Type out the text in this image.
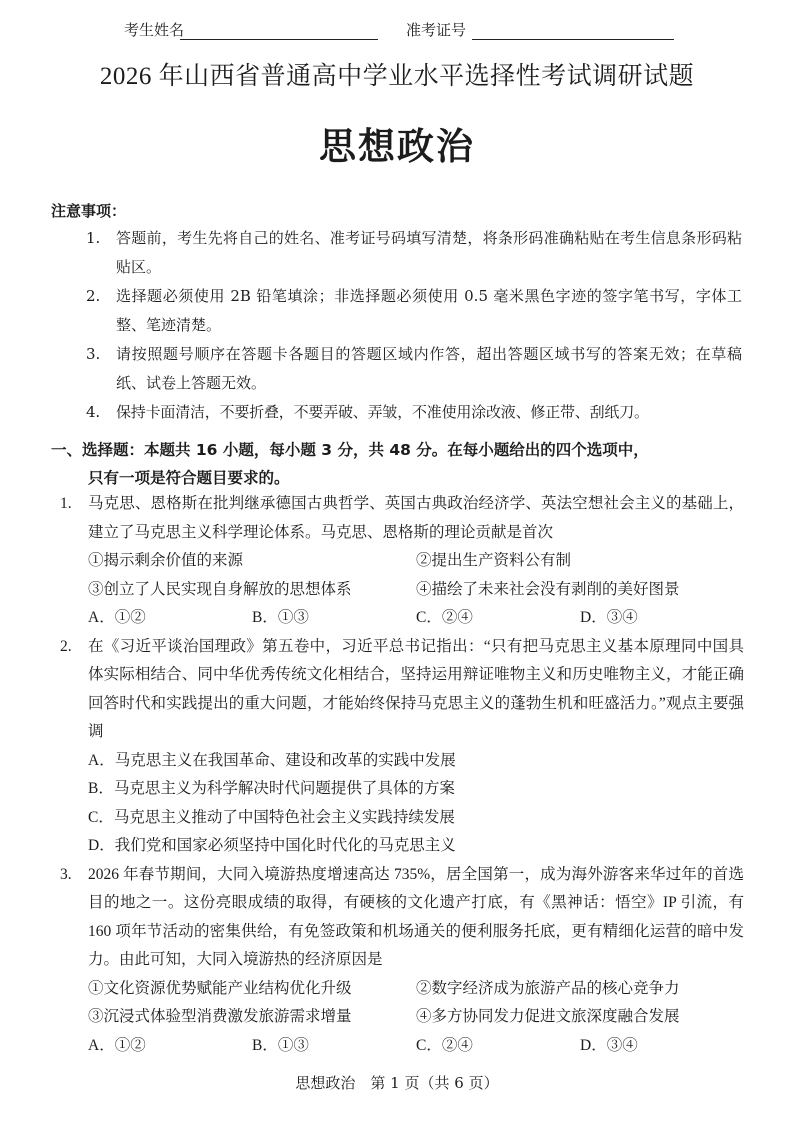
考生姓名	准考证号
2026 年山西省普通高中学业水平选择性考试调研试题
思想政治
注意事项：
1. 答题前，考生先将自己的姓名、准考证号码填写清楚，将条形码准确粘贴在考生信息条形码粘贴区。
2. 选择题必须使用 2B 铅笔填涂；非选择题必须使用 0.5 毫米黑色字迹的签字笔书写，字体工整、笔迹清楚。
3. 请按照题号顺序在答题卡各题目的答题区域内作答，超出答题区域书写的答案无效；在草稿纸、试卷上答题无效。
4. 保持卡面清洁，不要折叠，不要弄破、弄皱，不准使用涂改液、修正带、刮纸刀。
一、选择题：本题共 16 小题，每小题 3 分，共 48 分。在每小题给出的四个选项中，
只有一项是符合题目要求的。
1. 马克思、恩格斯在批判继承德国古典哲学、英国古典政治经济学、英法空想社会主义的基础上，建立了马克思主义科学理论体系。马克思、恩格斯的理论贡献是首次
①揭示剩余价值的来源	②提出生产资料公有制
③创立了人民实现自身解放的思想体系	④描绘了未来社会没有剥削的美好图景
A．①②	B．①③	C．②④	D．③④
2. 在《习近平谈治国理政》第五卷中，习近平总书记指出：“只有把马克思主义基本原理同中国具体实际相结合、同中华优秀传统文化相结合，坚持运用辩证唯物主义和历史唯物主义，才能正确回答时代和实践提出的重大问题，才能始终保持马克思主义的蓬勃生机和旺盛活力。”观点主要强调
A．马克思主义在我国革命、建设和改革的实践中发展
B．马克思主义为科学解决时代问题提供了具体的方案
C．马克思主义推动了中国特色社会主义实践持续发展
D．我们党和国家必须坚持中国化时代化的马克思主义
3. 2026 年春节期间，大同入境游热度增速高达 735%，居全国第一，成为海外游客来华过年的首选目的地之一。这份亮眼成绩的取得，有硬核的文化遗产打底，有《黑神话：悟空》IP 引流，有 160 项年节活动的密集供给，有免签政策和机场通关的便利服务托底，更有精细化运营的暗中发力。由此可知，大同入境游热的经济原因是
①文化资源优势赋能产业结构优化升级	②数字经济成为旅游产品的核心竞争力
③沉浸式体验型消费激发旅游需求增量	④多方协同发力促进文旅深度融合发展
A．①②	B．①③	C．②④	D．③④
思想政治　第 1 页（共 6 页）
